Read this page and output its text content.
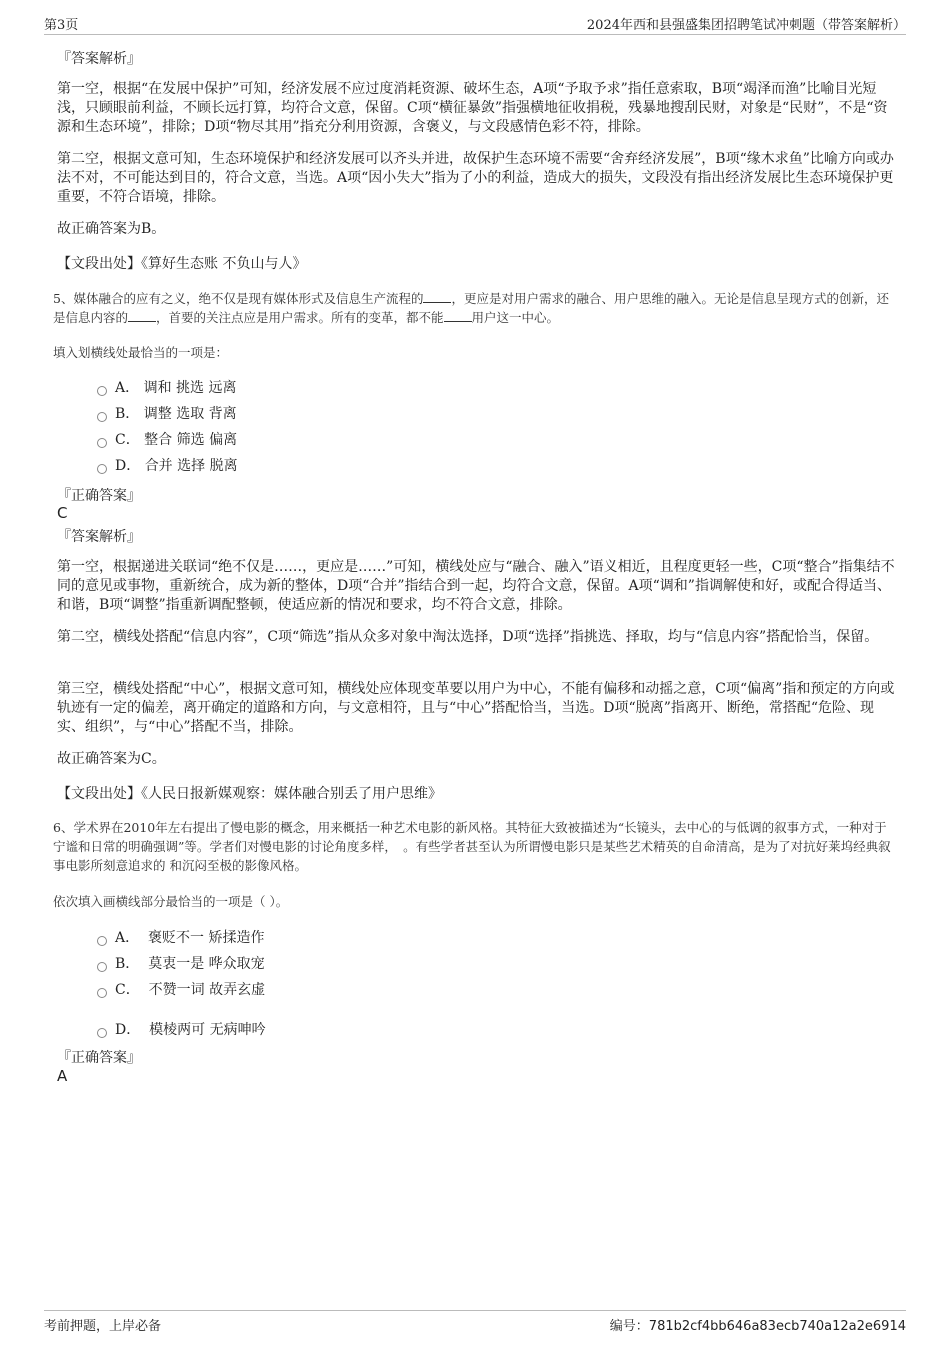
第3页	2024年西和县强盛集团招聘笔试冲刺题（带答案解析）
『答案解析』

第一空，根据“在发展中保护”可知，经济发展不应过度消耗资源、破坏生态，A项“予取予求”指任意索取，B项“竭泽而渔”比喻目光短浅，只顾眼前利益，不顾长远打算，均符合文意，保留。C项“横征暴敛”指强横地征收捐税，残暴地搜刮民财，对象是“民财”，不是“资源和生态环境”，排除；D项“物尽其用”指充分利用资源，含褒义，与文段感情色彩不符，排除。

第二空，根据文意可知，生态环境保护和经济发展可以齐头并进，故保护生态环境不需要“舍弃经济发展”，B项“缘木求鱼”比喻方向或办法不对，不可能达到目的，符合文意，当选。A项“因小失大”指为了小的利益，造成大的损失，文段没有指出经济发展比生态环境保护更重要，不符合语境，排除。

故正确答案为B。

【文段出处】《算好生态账 不负山与人》

5、媒体融合的应有之义，绝不仅是现有媒体形式及信息生产流程的 ，更应是对用户需求的融合、用户思维的融入。无论是信息呈现方式的创新，还是信息内容的 ，首要的关注点应是用户需求。所有的变革，都不能 用户这一中心。

填入划横线处最恰当的一项是：

A． 调和 挑选 远离
B． 调整 选取 背离
C． 整合 筛选 偏离
D． 合并 选择 脱离
『正确答案』
C
『答案解析』

第一空，根据递进关联词“绝不仅是……，更应是……”可知，横线处应与“融合、融入”语义相近，且程度更轻一些，C项“整合”指集结不同的意见或事物，重新统合，成为新的整体，D项“合并”指结合到一起，均符合文意，保留。A项“调和”指调解使和好，或配合得适当、和谐，B项“调整”指重新调配整顿，使适应新的情况和要求，均不符合文意，排除。

第二空，横线处搭配“信息内容”，C项“筛选”指从众多对象中淘汰选择，D项“选择”指挑选、择取，均与“信息内容”搭配恰当，保留。

第三空，横线处搭配“中心”，根据文意可知，横线处应体现变革要以用户为中心，不能有偏移和动摇之意，C项“偏离”指和预定的方向或轨迹有一定的偏差，离开确定的道路和方向，与文意相符，且与“中心”搭配恰当，当选。D项“脱离”指离开、断绝，常搭配“危险、现实、组织”，与“中心”搭配不当，排除。

故正确答案为C。

【文段出处】《人民日报新媒观察：媒体融合别丢了用户思维》

6、学术界在2010年左右提出了慢电影的概念，用来概括一种艺术电影的新风格。其特征大致被描述为“长镜头，去中心的与低调的叙事方式，一种对于宁谧和日常的明确强调”等。学者们对慢电影的讨论角度多样，　。有些学者甚至认为所谓慢电影只是某些艺术精英的自命清高，是为了对抗好莱坞经典叙事电影所刻意追求的 和沉闷至极的影像风格。

依次填入画横线部分最恰当的一项是（ ）。

A． 褒贬不一 矫揉造作
B． 莫衷一是 哗众取宠
C． 不赞一词 故弄玄虚
D． 模棱两可 无病呻吟
『正确答案』
A
考前押题，上岸必备	编号：781b2cf4bb646a83ecb740a12a2e6914
